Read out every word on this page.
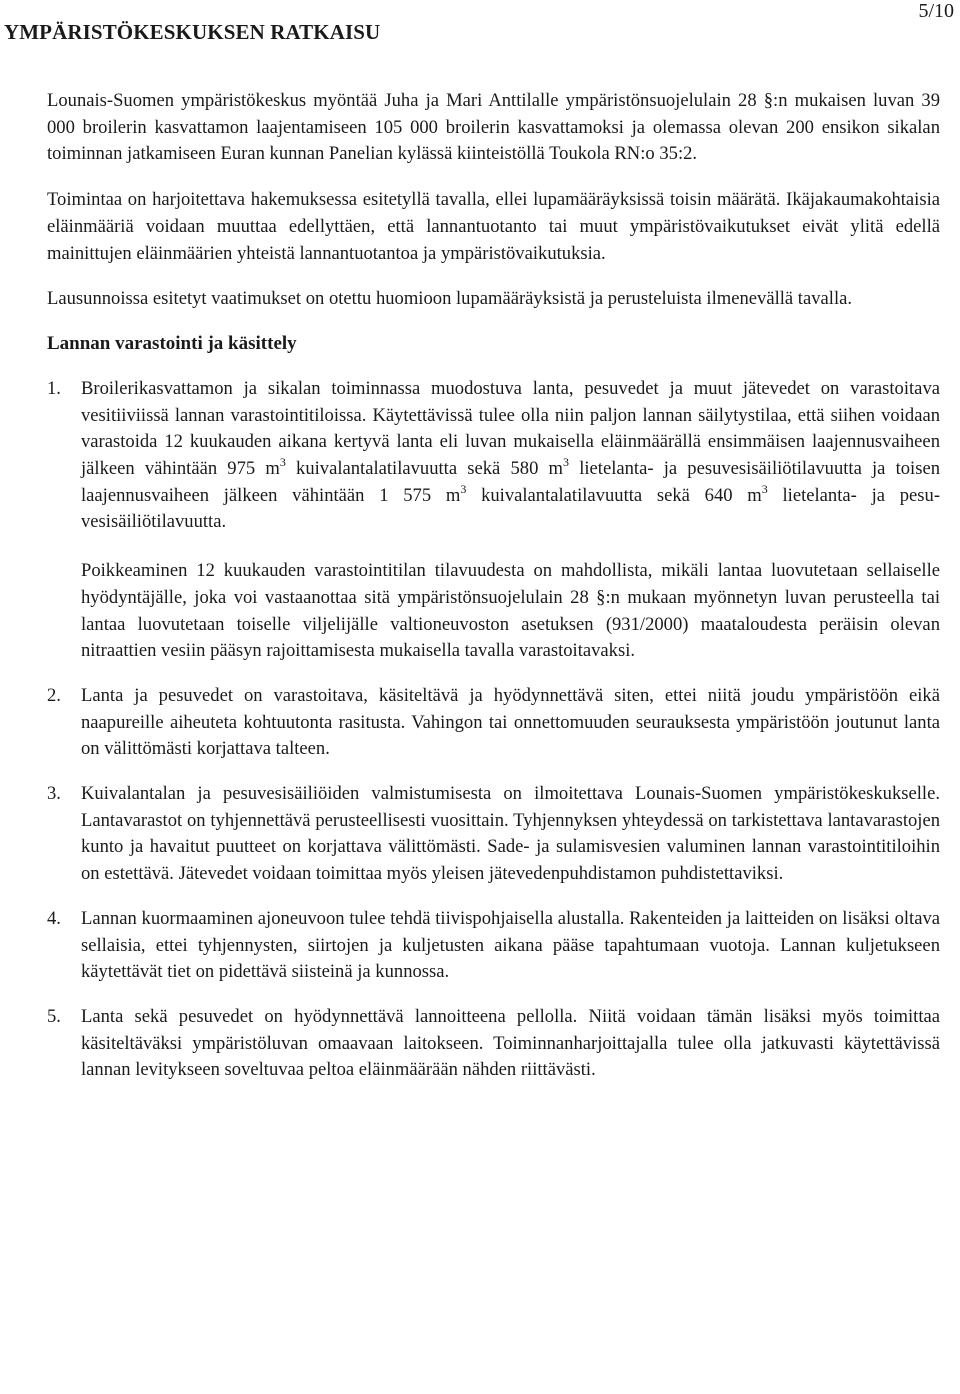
YMPÄRISTÖKESKUKSEN RATKAISU
5/10

Lounais-Suomen ympäristökeskus myöntää Juha ja Mari Anttilalle ympäristönsuojelulain 28 §:n mukaisen luvan 39 000 broilerin kasvattamon laajentamiseen 105 000 broilerin kasvattamoksi ja olemassa olevan 200 ensikon sikalan toiminnan jatkamiseen Euran kunnan Panelian kylässä kiinteistöllä Toukola RN:o 35:2.

Toimintaa on harjoitettava hakemuksessa esitetyllä tavalla, ellei lupamääräyksissä toisin määrätä. Ikäjakaumakohtaisia eläinmääriä voidaan muuttaa edellyttäen, että lannantuotanto tai muut ympäristövaikutukset eivät ylitä edellä mainittujen eläinmäärien yhteistä lannantuotantoa ja ympäristövaikutuksia.

Lausunnoissa esitetyt vaatimukset on otettu huomioon lupamääräyksistä ja perusteluista ilmenevällä tavalla.

Lannan varastointi ja käsittely
1.	Broilerikasvattamon ja sikalan toiminnassa muodostuva lanta, pesuvedet ja muut jätevedet on varastoitava vesitiiviissä lannan varastointitiloissa. Käytettävissä tulee olla niin paljon lannan säilytystilaa, että siihen voidaan varastoida 12 kuukauden aikana kertyvä lanta eli luvan mukaisella eläinmäärällä ensimmäisen laajennusvaiheen jälkeen vähintään 975 $m^3$ kuivalantalatilavuutta sekä 580 $m^3$ lietelanta- ja pesuvesisäiliötilavuutta ja toisen laajennusvaiheen jälkeen vähintään 1 575 $m^3$ kuivalantalatilavuutta sekä 640 $m^3$ lietelanta- ja pesuvesisäiliötilavuutta.

Poikkeaminen 12 kuukauden varastointitilan tilavuudesta on mahdollista, mikäli lantaa luovutetaan sellaiselle hyödyntäjälle, joka voi vastaanottaa sitä ympäristönsuojelulain 28 §:n mukaan myönnetyn luvan perusteella tai lantaa luovutetaan toiselle viljelijälle valtioneuvoston asetuksen (931/2000) maataloudesta peräisin olevan nitraattien vesiin pääsyn rajoittamisesta mukaisella tavalla varastoitavaksi.

2.	Lanta ja pesuvedet on varastoitava, käsiteltävä ja hyödynnettävä siten, ettei niitä joudu ympäristöön eikä naapureille aiheuteta kohtuutonta rasitusta. Vahingon tai onnettomuuden seurauksesta ympäristöön joutunut lanta on välittömästi korjattava talteen.

3.	Kuivalantalan ja pesuvesisäiliöiden valmistumisesta on ilmoitettava Lounais-Suomen ympäristökeskukselle. Lantavarastot on tyhjennettävä perusteellisesti vuosittain. Tyhjennyksen yhteydessä on tarkistettava lantavarastojen kunto ja havaitut puutteet on korjattava välittömästi. Sade- ja sulamisvesien valuminen lannan varastointitiloihin on estettävä. Jätevedet voidaan toimittaa myös yleisen jätevedenpuhdistamon puhdistettaviksi.

4.	Lannan kuormaaminen ajoneuvoon tulee tehdä tiivispohjaisella alustalla. Rakenteiden ja laitteiden on lisäksi oltava sellaisia, ettei tyhjennysten, siirtojen ja kuljetusten aikana pääse tapahtumaan vuotoja. Lannan kuljetukseen käytettävät tiet on pidettävä siisteinä ja kunnossa.

5.	Lanta sekä pesuvedet on hyödynnettävä lannoitteena pellolla. Niitä voidaan tämän lisäksi myös toimittaa käsiteltäväksi ympäristöluvan omaavaan laitokseen. Toiminnanharjoittajalla tulee olla jatkuvasti käytettävissä lannan levitykseen soveltuvaa peltoa eläinmäärään nähden riittävästi.
